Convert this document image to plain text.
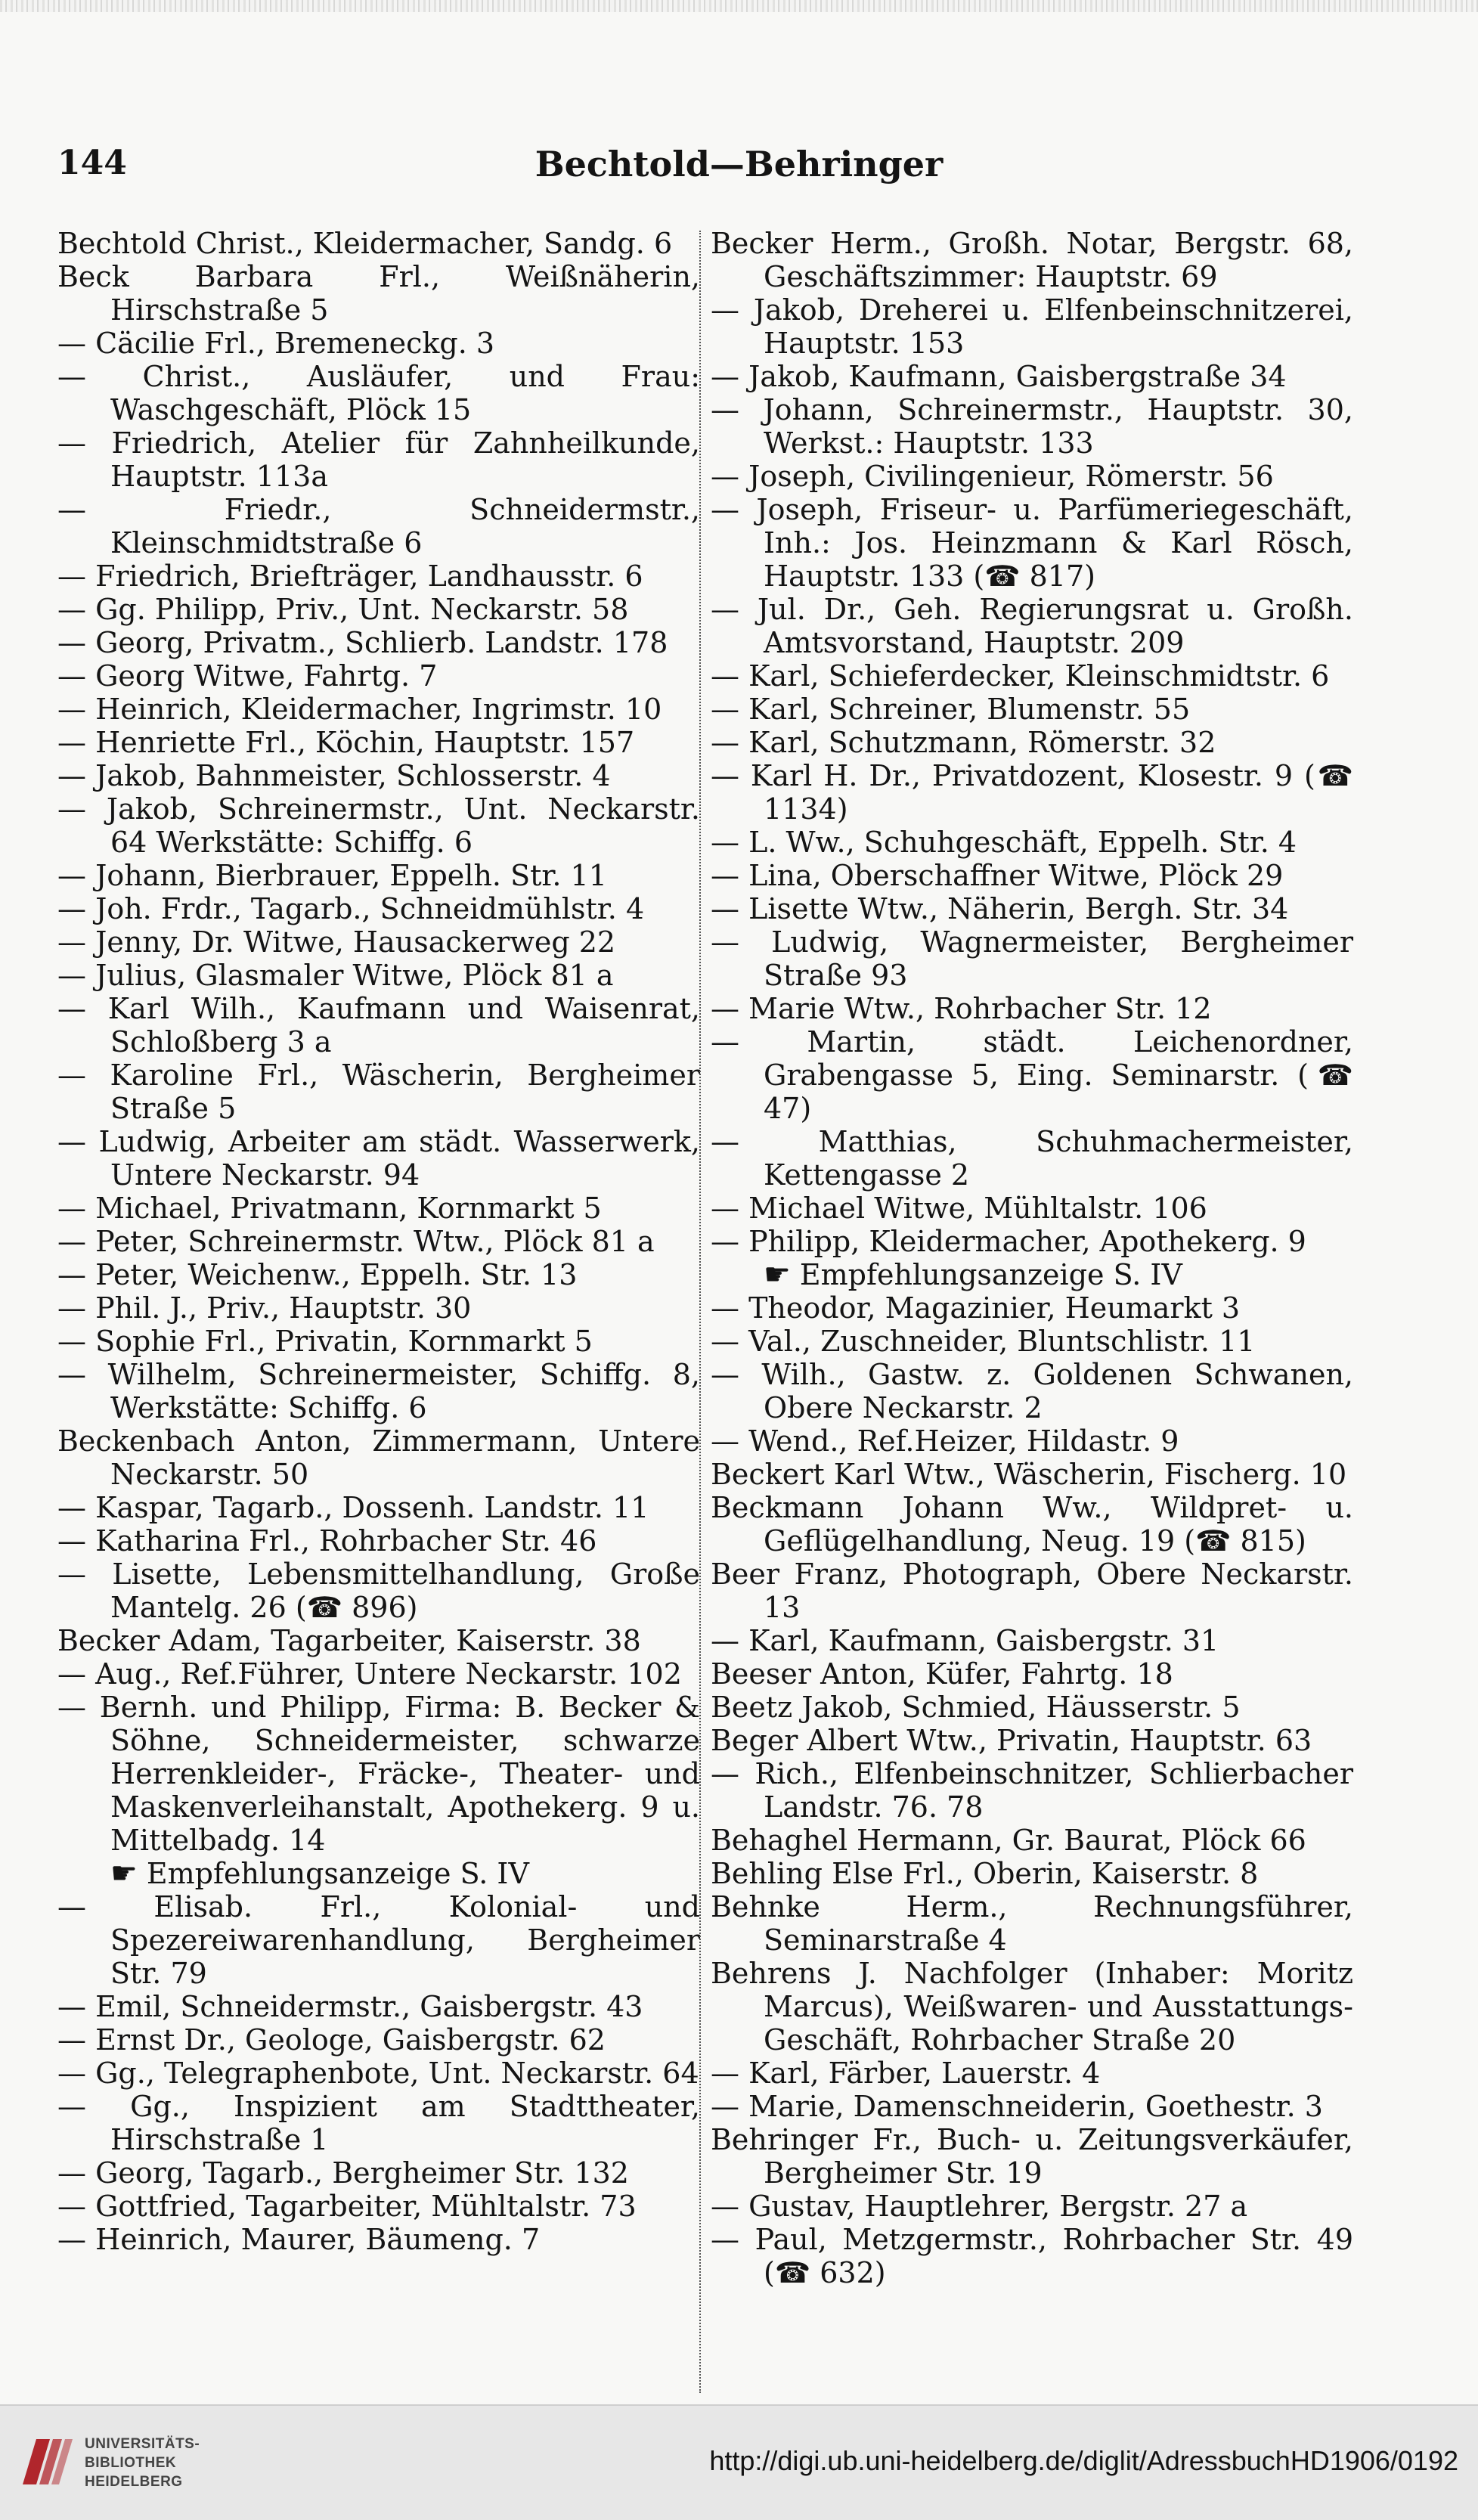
144	Bechtold—Behringer

Bechtold Christ., Kleidermacher, Sandg. 6

Beck Barbara Frl., Weißnäherin, Hirschstraße 5

— Cäcilie Frl., Bremeneckg. 3

— Christ., Ausläufer, und Frau: Waschgeschäft, Plöck 15

— Friedrich, Atelier für Zahnheilkunde, Hauptstr. 113a

— Friedr., Schneidermstr., Kleinschmidtstraße 6

— Friedrich, Briefträger, Landhausstr. 6

— Gg. Philipp, Priv., Unt. Neckarstr. 58

— Georg, Privatm., Schlierb. Landstr. 178

— Georg Witwe, Fahrtg. 7

— Heinrich, Kleidermacher, Ingrimstr. 10

— Henriette Frl., Köchin, Hauptstr. 157

— Jakob, Bahnmeister, Schlosserstr. 4

— Jakob, Schreinermstr., Unt. Neckarstr. 64 Werkstätte: Schiffg. 6

— Johann, Bierbrauer, Eppelh. Str. 11

— Joh. Frdr., Tagarb., Schneidmühlstr. 4

— Jenny, Dr. Witwe, Hausackerweg 22

— Julius, Glasmaler Witwe, Plöck 81 a

— Karl Wilh., Kaufmann und Waisenrat, Schloßberg 3 a

— Karoline Frl., Wäscherin, Bergheimer Straße 5

— Ludwig, Arbeiter am städt. Wasserwerk, Untere Neckarstr. 94

— Michael, Privatmann, Kornmarkt 5

— Peter, Schreinermstr. Wtw., Plöck 81 a

— Peter, Weichenw., Eppelh. Str. 13

— Phil. J., Priv., Hauptstr. 30

— Sophie Frl., Privatin, Kornmarkt 5

— Wilhelm, Schreinermeister, Schiffg. 8, Werkstätte: Schiffg. 6

Beckenbach Anton, Zimmermann, Untere Neckarstr. 50

— Kaspar, Tagarb., Dossenh. Landstr. 11

— Katharina Frl., Rohrbacher Str. 46

— Lisette, Lebensmittelhandlung, Große Mantelg. 26 (☎ 896)

Becker Adam, Tagarbeiter, Kaiserstr. 38

— Aug., Ref.Führer, Untere Neckarstr. 102

— Bernh. und Philipp, Firma: B. Becker & Söhne, Schneidermeister, schwarze Herrenkleider-, Fräcke-, Theater- und Maskenverleihanstalt, Apothekerg. 9 u. Mittelbadg. 14

☛ Empfehlungsanzeige S. IV

— Elisab. Frl., Kolonial- und Spezereiwarenhandlung, Bergheimer Str. 79

— Emil, Schneidermstr., Gaisbergstr. 43

— Ernst Dr., Geologe, Gaisbergstr. 62

— Gg., Telegraphenbote, Unt. Neckarstr. 64

— Gg., Inspizient am Stadttheater, Hirschstraße 1

— Georg, Tagarb., Bergheimer Str. 132

— Gottfried, Tagarbeiter, Mühltalstr. 73

— Heinrich, Maurer, Bäumeng. 7

Becker Herm., Großh. Notar, Bergstr. 68, Geschäftszimmer: Hauptstr. 69

— Jakob, Dreherei u. Elfenbeinschnitzerei, Hauptstr. 153

— Jakob, Kaufmann, Gaisbergstraße 34

— Johann, Schreinermstr., Hauptstr. 30, Werkst.: Hauptstr. 133

— Joseph, Civilingenieur, Römerstr. 56

— Joseph, Friseur- u. Parfümeriegeschäft, Inh.: Jos. Heinzmann & Karl Rösch, Hauptstr. 133 (☎ 817)

— Jul. Dr., Geh. Regierungsrat u. Großh. Amtsvorstand, Hauptstr. 209

— Karl, Schieferdecker, Kleinschmidtstr. 6

— Karl, Schreiner, Blumenstr. 55

— Karl, Schutzmann, Römerstr. 32

— Karl H. Dr., Privatdozent, Klosestr. 9 (☎ 1134)

— L. Ww., Schuhgeschäft, Eppelh. Str. 4

— Lina, Oberschaffner Witwe, Plöck 29

— Lisette Wtw., Näherin, Bergh. Str. 34

— Ludwig, Wagnermeister, Bergheimer Straße 93

— Marie Wtw., Rohrbacher Str. 12

— Martin, städt. Leichenordner, Grabengasse 5, Eing. Seminarstr. (☎ 47)

— Matthias, Schuhmachermeister, Kettengasse 2

— Michael Witwe, Mühltalstr. 106

— Philipp, Kleidermacher, Apothekerg. 9

☛ Empfehlungsanzeige S. IV

— Theodor, Magazinier, Heumarkt 3

— Val., Zuschneider, Bluntschlistr. 11

— Wilh., Gastw. z. Goldenen Schwanen, Obere Neckarstr. 2

— Wend., Ref.Heizer, Hildastr. 9

Beckert Karl Wtw., Wäscherin, Fischerg. 10

Beckmann Johann Ww., Wildpret- u. Geflügelhandlung, Neug. 19 (☎ 815)

Beer Franz, Photograph, Obere Neckarstr. 13

— Karl, Kaufmann, Gaisbergstr. 31

Beeser Anton, Küfer, Fahrtg. 18

Beetz Jakob, Schmied, Häusserstr. 5

Beger Albert Wtw., Privatin, Hauptstr. 63

— Rich., Elfenbeinschnitzer, Schlierbacher Landstr. 76. 78

Behaghel Hermann, Gr. Baurat, Plöck 66

Behling Else Frl., Oberin, Kaiserstr. 8

Behnke Herm., Rechnungsführer, Seminarstraße 4

Behrens J. Nachfolger (Inhaber: Moritz Marcus), Weißwaren- und Ausstattungs-Geschäft, Rohrbacher Straße 20

— Karl, Färber, Lauerstr. 4

— Marie, Damenschneiderin, Goethestr. 3

Behringer Fr., Buch- u. Zeitungsverkäufer, Bergheimer Str. 19

— Gustav, Hauptlehrer, Bergstr. 27 a

— Paul, Metzgermstr., Rohrbacher Str. 49 (☎ 632)

UNIVERSITÄTS-
BIBLIOTHEK
HEIDELBERG
http://digi.ub.uni-heidelberg.de/diglit/AdressbuchHD1906/0192
